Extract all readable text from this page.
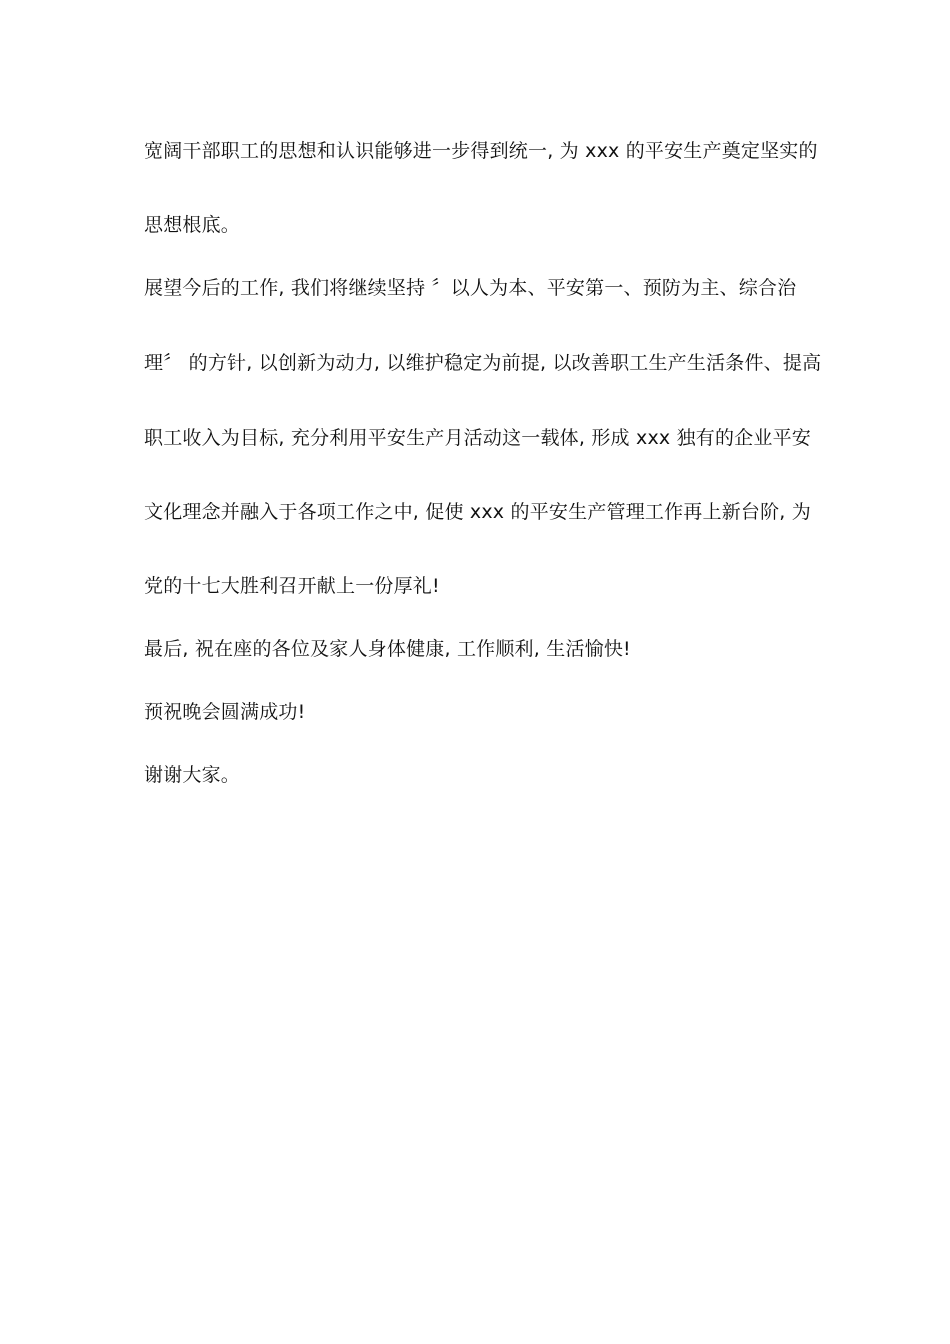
宽阔干部职工的思想和认识能够进一步得到统一, 为 xxx 的平安生产奠定坚实的
思想根底。
展望今后的工作, 我们将继续坚持 〞以人为本、平安第一、预防为主、综合治
理〞 的方针, 以创新为动力, 以维护稳定为前提, 以改善职工生产生活条件、提高
职工收入为目标, 充分利用平安生产月活动这一载体, 形成 xxx 独有的企业平安
文化理念并融入于各项工作之中, 促使 xxx 的平安生产管理工作再上新台阶, 为
党的十七大胜利召开献上一份厚礼!
最后, 祝在座的各位及家人身体健康, 工作顺利, 生活愉快!
预祝晚会圆满成功!
谢谢大家。
